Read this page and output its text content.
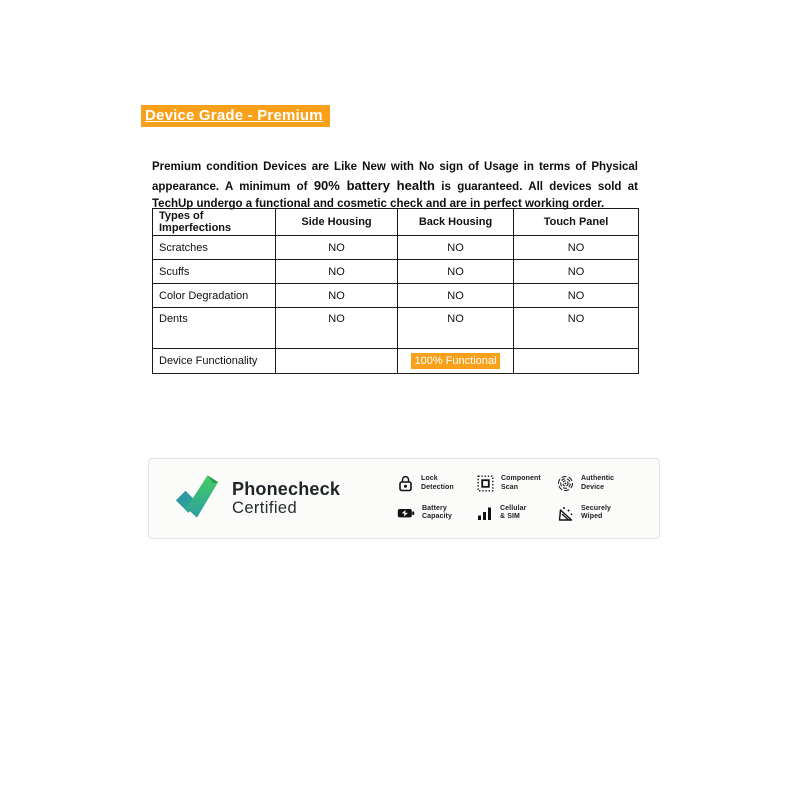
Device Grade - Premium

Premium condition Devices are Like New with No sign of Usage in terms of Physical appearance. A minimum of 90% battery health is guaranteed. All devices sold at TechUp undergo a functional and cosmetic check and are in perfect working order.

Types of Imperfections	Side Housing	Back Housing	Touch Panel
Scratches	NO	NO	NO
Scuffs	NO	NO	NO
Color Degradation	NO	NO	NO
Dents	NO	NO	NO
Device Functionality		100% Functional	
Phonecheck
Certified
Lock
Detection
Component
Scan
Authentic
Device
Battery
Capacity
Cellular
& SIM
Securely
Wiped
